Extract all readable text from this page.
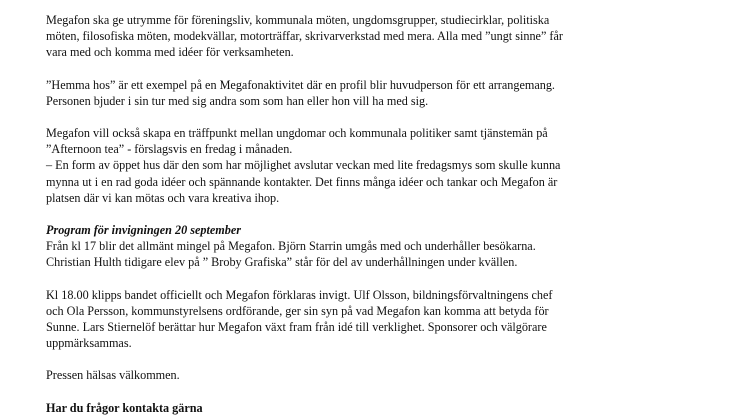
Megafon ska ge utrymme för föreningsliv, kommunala möten, ungdomsgrupper, studiecirklar, politiska
möten, filosofiska möten, modekvällar, motorträffar, skrivarverkstad med mera. Alla med ”ungt sinne” får
vara med och komma med idéer för verksamheten.

”Hemma hos” är ett exempel på en Megafonaktivitet där en profil blir huvudperson för ett arrangemang.
Personen bjuder i sin tur med sig andra som som han eller hon vill ha med sig.

Megafon vill också skapa en träffpunkt mellan ungdomar och kommunala politiker samt tjänstemän på
”Afternoon tea” - förslagsvis en fredag i månaden.
– En form av öppet hus där den som har möjlighet avslutar veckan med lite fredagsmys som skulle kunna
mynna ut i en rad goda idéer och spännande kontakter. Det finns många idéer och tankar och Megafon är
platsen där vi kan mötas och vara kreativa ihop.

Program för invigningen 20 september
Från kl 17 blir det allmänt mingel på Megafon. Björn Starrin umgås med och underhåller besökarna.
Christian Hulth tidigare elev på ” Broby Grafiska” står för del av underhållningen under kvällen.

Kl 18.00 klipps bandet officiellt och Megafon förklaras invigt. Ulf Olsson, bildningsförvaltningens chef
och Ola Persson, kommunstyrelsens ordförande, ger sin syn på vad Megafon kan komma att betyda för
Sunne. Lars Stiernelöf berättar hur Megafon växt fram från idé till verklighet. Sponsorer och välgörare
uppmärksammas.

Pressen hälsas välkommen.

Har du frågor kontakta gärna
